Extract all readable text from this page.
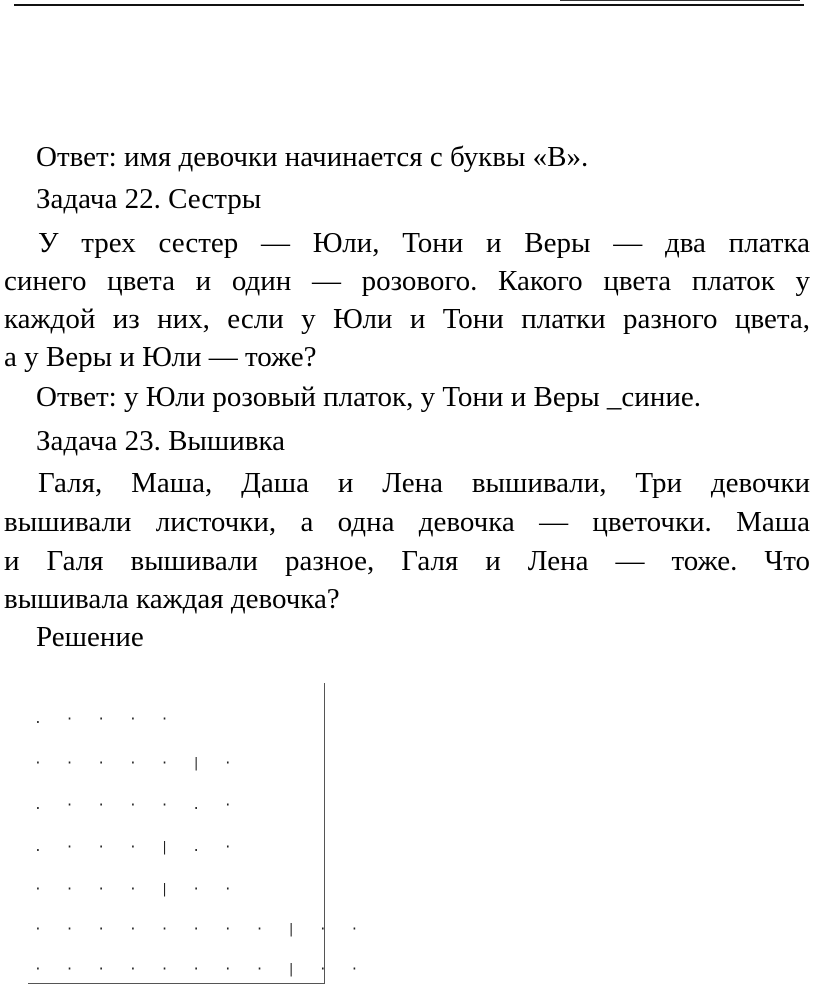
Ответ: имя девочки начинается с буквы «В».
Задача 22. Сестры
У трех сестер — Юли, Тони и Веры — два платка
синего цвета и один — розового. Какого цвета платок у
каждой из них, если у Юли и Тони платки разного цвета,
а у Веры и Юли — тоже?
Ответ: у Юли розовый платок, у Тони и Веры _синие.
Задача 23. Вышивка
Галя, Маша, Даша и Лена вышивали, Три девочки
вышивали листочки, а одна девочка — цветочки. Маша
и Галя вышивали разное, Галя и Лена — тоже. Что
вышивала каждая девочка?
Решение
. · · · ·
· · · · · | ·
. · · · · . ·
. · · · | . ·
· · · · | · ·
· · · · · · · · | · ·
· · · · · · · · | · ·
